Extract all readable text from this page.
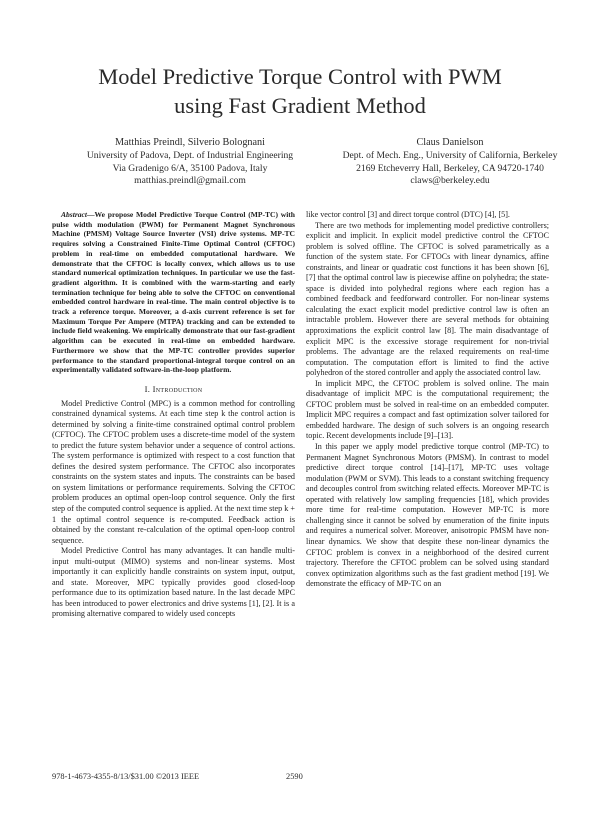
Model Predictive Torque Control with PWM
using Fast Gradient Method
Matthias Preindl, Silverio Bolognani
University of Padova, Dept. of Industrial Engineering
Via Gradenigo 6/A, 35100 Padova, Italy
matthias.preindl@gmail.com
Claus Danielson
Dept. of Mech. Eng., University of California, Berkeley
2169 Etcheverry Hall, Berkeley, CA 94720-1740
claws@berkeley.edu

Abstract—We propose Model Predictive Torque Control (MP-TC) with pulse width modulation (PWM) for Permanent Magnet Synchronous Machine (PMSM) Voltage Source Inverter (VSI) drive systems. MP-TC requires solving a Constrained Finite-Time Optimal Control (CFTOC) problem in real-time on embedded computational hardware. We demonstrate that the CFTOC is locally convex, which allows us to use standard numerical optimization techniques. In particular we use the fast-gradient algorithm. It is combined with the warm-starting and early termination technique for being able to solve the CFTOC on conventional embedded control hardware in real-time. The main control objective is to track a reference torque. Moreover, a d-axis current reference is set for Maximum Torque Per Ampere (MTPA) tracking and can be extended to include field weakening. We empirically demonstrate that our fast-gradient algorithm can be executed in real-time on embedded hardware. Furthermore we show that the MP-TC controller provides superior performance to the standard proportional-integral torque control on an experimentally validated software-in-the-loop platform.

I. Introduction

Model Predictive Control (MPC) is a common method for controlling constrained dynamical systems. At each time step k the control action is determined by solving a finite-time constrained optimal control problem (CFTOC). The CFTOC problem uses a discrete-time model of the system to predict the future system behavior under a sequence of control actions. The system performance is optimized with respect to a cost function that defines the desired system performance. The CFTOC also incorporates constraints on the system states and inputs. The constraints can be based on system limitations or performance requirements. Solving the CFTOC problem produces an optimal open-loop control sequence. Only the first step of the computed control sequence is applied. At the next time step k + 1 the optimal control sequence is re-computed. Feedback action is obtained by the constant re-calculation of the optimal open-loop control sequence.

Model Predictive Control has many advantages. It can handle multi-input multi-output (MIMO) systems and non-linear systems. Most importantly it can explicitly handle constraints on system input, output, and state. Moreover, MPC typically provides good closed-loop performance due to its optimization based nature. In the last decade MPC has been introduced to power electronics and drive systems [1], [2]. It is a promising alternative compared to widely used concepts

like vector control [3] and direct torque control (DTC) [4], [5].

There are two methods for implementing model predictive controllers; explicit and implicit. In explicit model predictive control the CFTOC problem is solved offline. The CFTOC is solved parametrically as a function of the system state. For CFTOCs with linear dynamics, affine constraints, and linear or quadratic cost functions it has been shown [6], [7] that the optimal control law is piecewise affine on polyhedra; the state-space is divided into polyhedral regions where each region has a combined feedback and feedforward controller. For non-linear systems calculating the exact explicit model predictive control law is often an intractable problem. However there are several methods for obtaining approximations the explicit control law [8]. The main disadvantage of explicit MPC is the excessive storage requirement for non-trivial problems. The advantage are the relaxed requirements on real-time computation. The computation effort is limited to find the active polyhedron of the stored controller and apply the associated control law.

In implicit MPC, the CFTOC problem is solved online. The main disadvantage of implicit MPC is the computational requirement; the CFTOC problem must be solved in real-time on an embedded computer. Implicit MPC requires a compact and fast optimization solver tailored for embedded hardware. The design of such solvers is an ongoing research topic. Recent developments include [9]–[13].

In this paper we apply model predictive torque control (MP-TC) to Permanent Magnet Synchronous Motors (PMSM). In contrast to model predictive direct torque control [14]–[17], MP-TC uses voltage modulation (PWM or SVM). This leads to a constant switching frequency and decouples control from switching related effects. Moreover MP-TC is operated with relatively low sampling frequencies [18], which provides more time for real-time computation. However MP-TC is more challenging since it cannot be solved by enumeration of the finite inputs and requires a numerical solver. Moreover, anisotropic PMSM have non-linear dynamics. We show that despite these non-linear dynamics the CFTOC problem is convex in a neighborhood of the desired current trajectory. Therefore the CFTOC problem can be solved using standard convex optimization algorithms such as the fast gradient method [19]. We demonstrate the efficacy of MP-TC on an

978-1-4673-4355-8/13/$31.00 ©2013 IEEE	2590
